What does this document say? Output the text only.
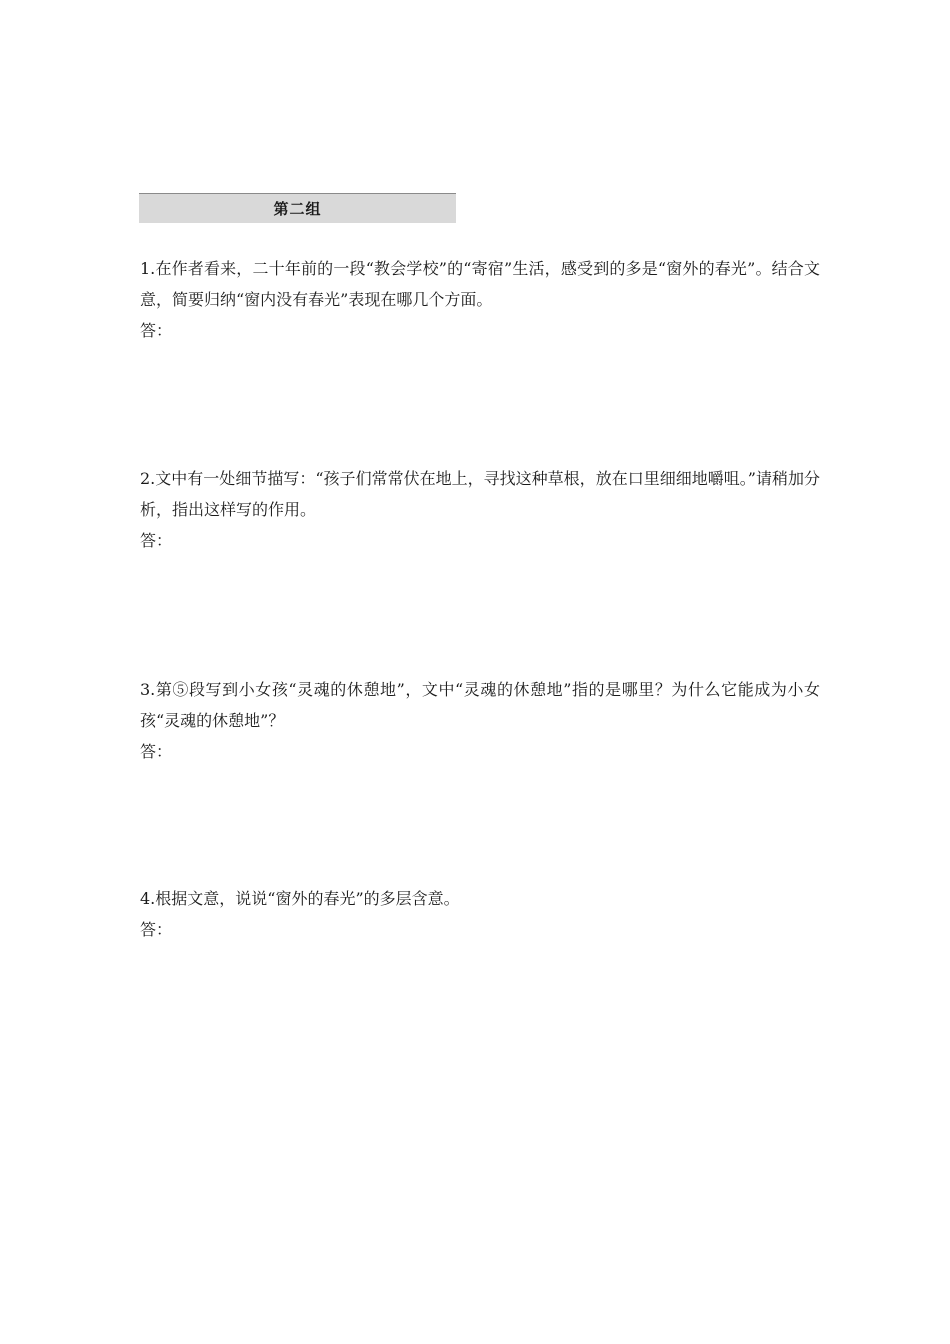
第二组

1.在作者看来，二十年前的一段“教会学校”的“寄宿”生活，感受到的多是“窗外的春光”。结合文意，简要归纳“窗内没有春光”表现在哪几个方面。

答：

2.文中有一处细节描写：“孩子们常常伏在地上，寻找这种草根，放在口里细细地嚼咀。”请稍加分析，指出这样写的作用。

答：

3.第⑤段写到小女孩“灵魂的休憩地”，文中“灵魂的休憩地”指的是哪里？为什么它能成为小女孩“灵魂的休憩地”？

答：

4.根据文意，说说“窗外的春光”的多层含意。

答：
